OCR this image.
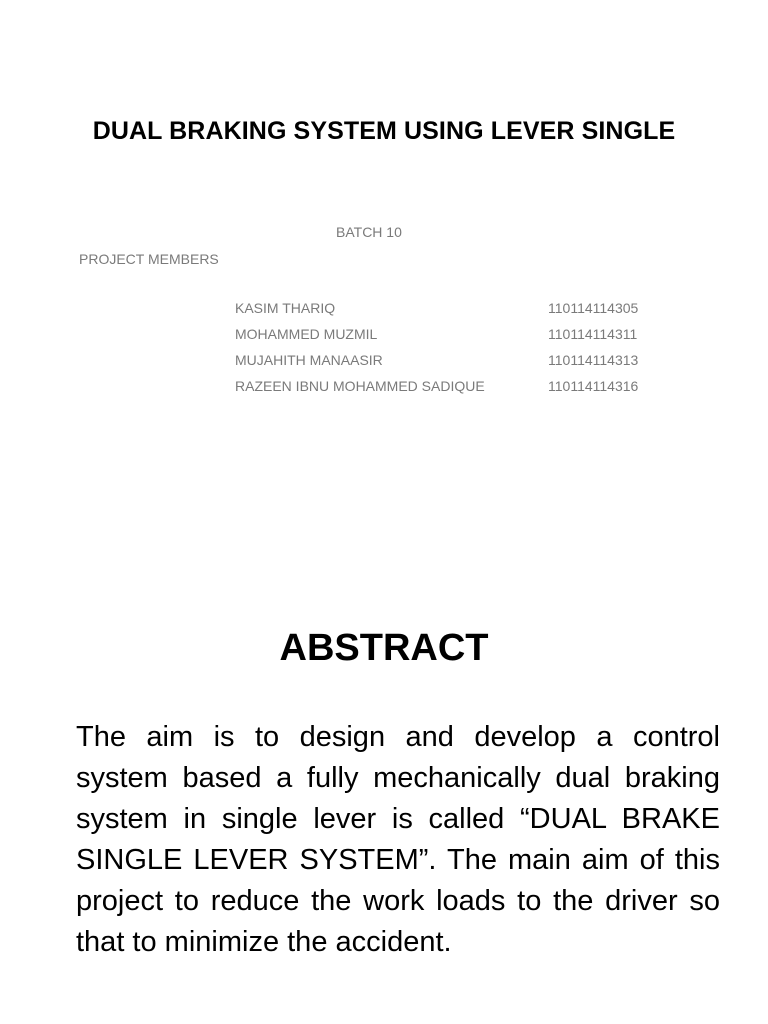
DUAL BRAKING SYSTEM USING LEVER SINGLE

BATCH 10

PROJECT MEMBERS

KASIM THARIQ	110114114305
MOHAMMED MUZMIL	110114114311
MUJAHITH MANAASIR	110114114313
RAZEEN IBNU MOHAMMED SADIQUE	110114114316
ABSTRACT

The aim is to design and develop a control system based a fully mechanically dual braking system in single lever is called “DUAL BRAKE SINGLE LEVER SYSTEM”. The main aim of this project to reduce the work loads to the driver so that to minimize the accident.
